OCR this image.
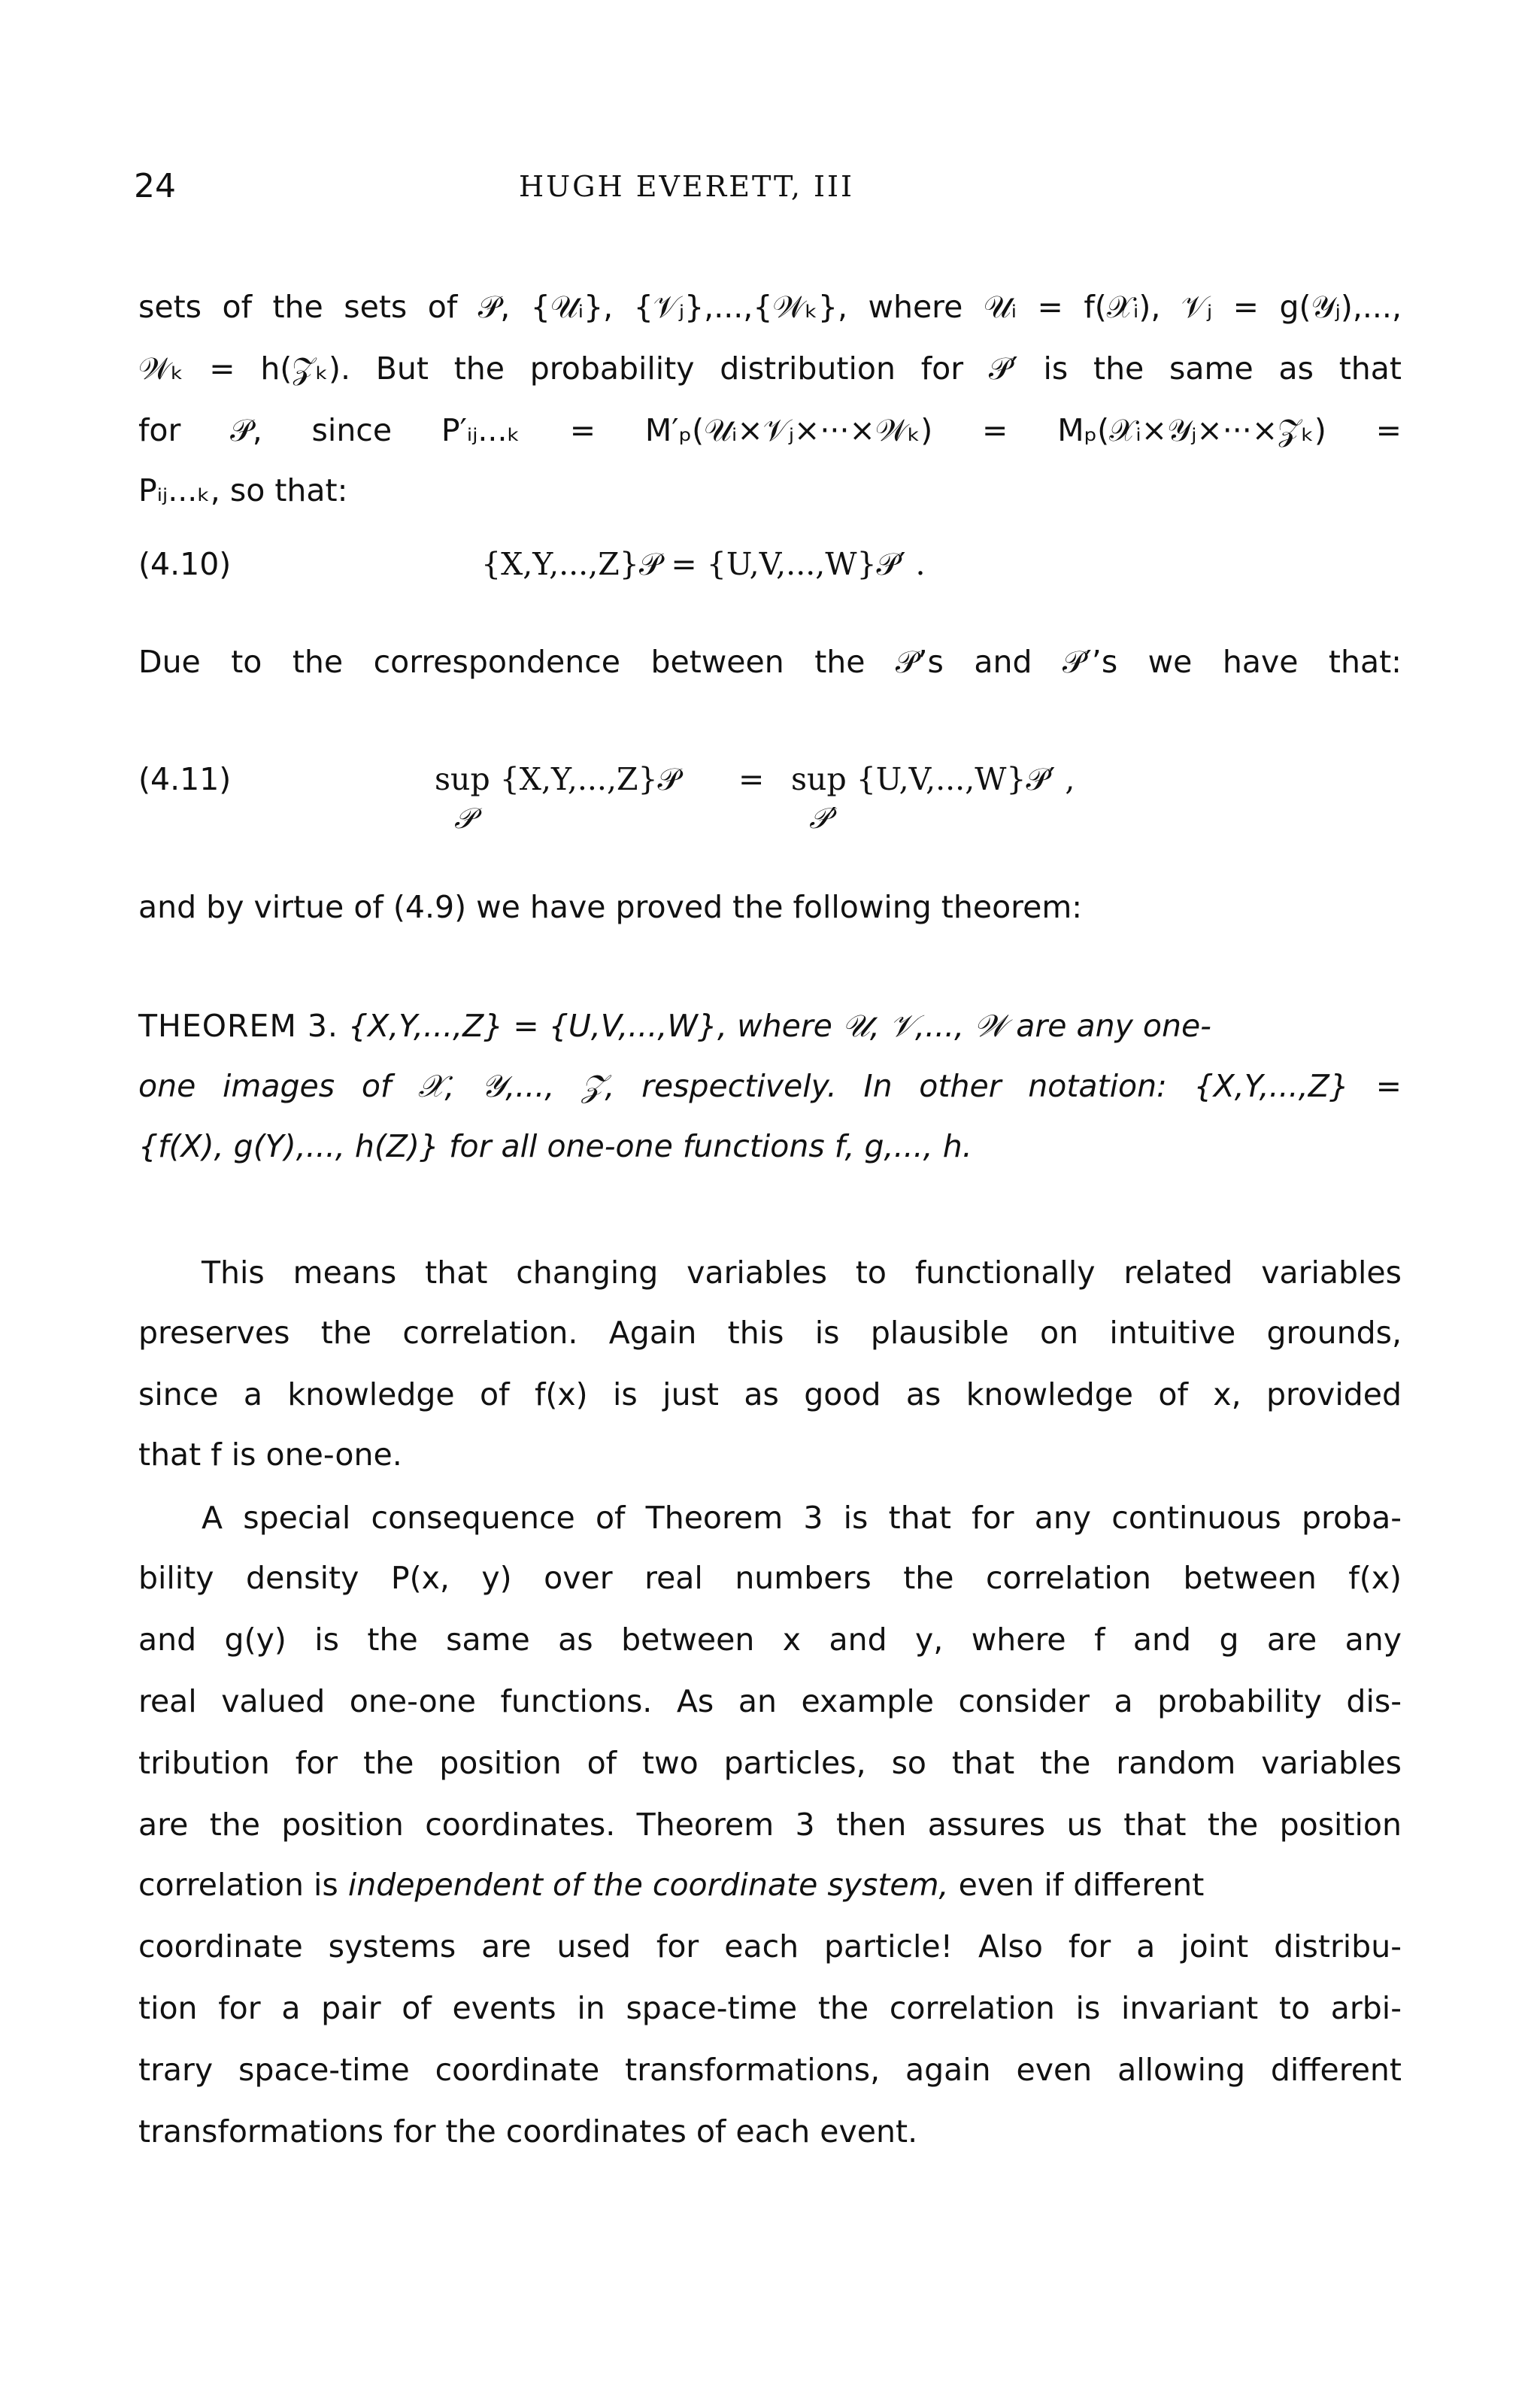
24	HUGH EVERETT, III
sets of the sets of 𝒫, {𝒰ᵢ}, {𝒱ⱼ},...,{𝒲ₖ}, where 𝒰ᵢ = f(𝒳ᵢ), 𝒱ⱼ = g(𝒴ⱼ),...,
𝒲ₖ = h(𝒵ₖ). But the probability distribution for 𝒫′ is the same as that
for 𝒫, since P′ᵢⱼ...ₖ = M′ₚ(𝒰ᵢ×𝒱ⱼ×···×𝒲ₖ) = Mₚ(𝒳ᵢ×𝒴ⱼ×···×𝒵ₖ) =
Pᵢⱼ...ₖ, so that:
(4.10)	{X,Y,...,Z}𝒫 = {U,V,...,W}𝒫′ .
Due to the correspondence between the 𝒫’s and 𝒫′’s we have that:
(4.11)	sup {X,Y,...,Z}𝒫
𝒫
= sup {U,V,...,W}𝒫′ ,
𝒫′
and by virtue of (4.9) we have proved the following theorem:
THEOREM 3. {X,Y,...,Z} = {U,V,...,W}, where 𝒰, 𝒱,..., 𝒲 are any one-
one images of 𝒳, 𝒴,..., 𝒵, respectively. In other notation: {X,Y,...,Z} =
{f(X), g(Y),..., h(Z)} for all one-one functions f, g,..., h.
This means that changing variables to functionally related variables
preserves the correlation. Again this is plausible on intuitive grounds,
since a knowledge of f(x) is just as good as knowledge of x, provided
that f is one-one.
A special consequence of Theorem 3 is that for any continuous proba-
bility density P(x, y) over real numbers the correlation between f(x)
and g(y) is the same as between x and y, where f and g are any
real valued one-one functions. As an example consider a probability dis-
tribution for the position of two particles, so that the random variables
are the position coordinates. Theorem 3 then assures us that the position
correlation is independent of the coordinate system, even if different
coordinate systems are used for each particle! Also for a joint distribu-
tion for a pair of events in space-time the correlation is invariant to arbi-
trary space-time coordinate transformations, again even allowing different
transformations for the coordinates of each event.
